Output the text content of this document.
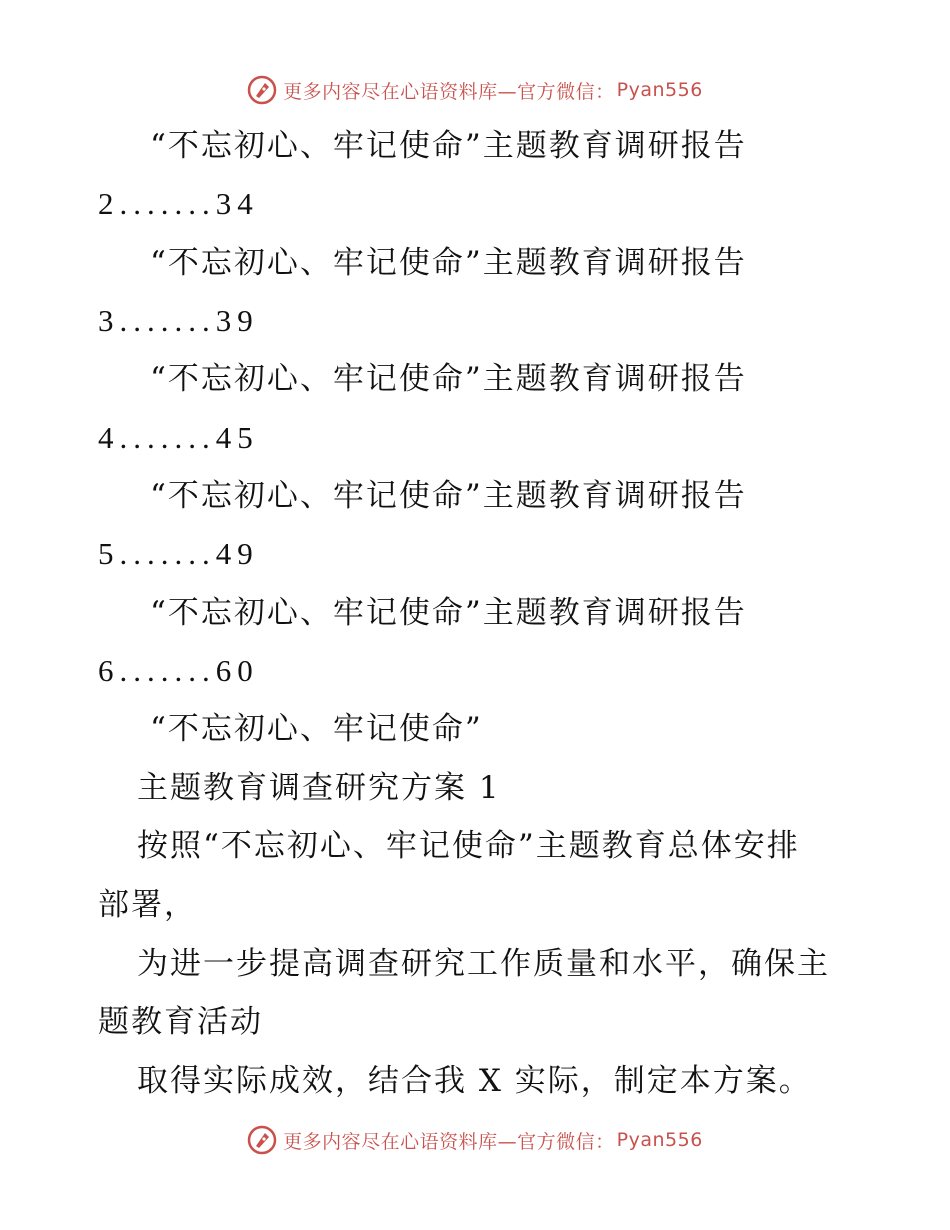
更多内容尽在心语资料库—官方微信： Pyan556
“不忘初心、牢记使命”主题教育调研报告
2.......34
“不忘初心、牢记使命”主题教育调研报告
3.......39
“不忘初心、牢记使命”主题教育调研报告
4.......45
“不忘初心、牢记使命”主题教育调研报告
5.......49
“不忘初心、牢记使命”主题教育调研报告
6.......60
“不忘初心、牢记使命”
主题教育调查研究方案 1
按照“不忘初心、牢记使命”主题教育总体安排
部署，
为进一步提高调查研究工作质量和水平，确保主
题教育活动
取得实际成效，结合我 X 实际，制定本方案。
更多内容尽在心语资料库—官方微信： Pyan556
